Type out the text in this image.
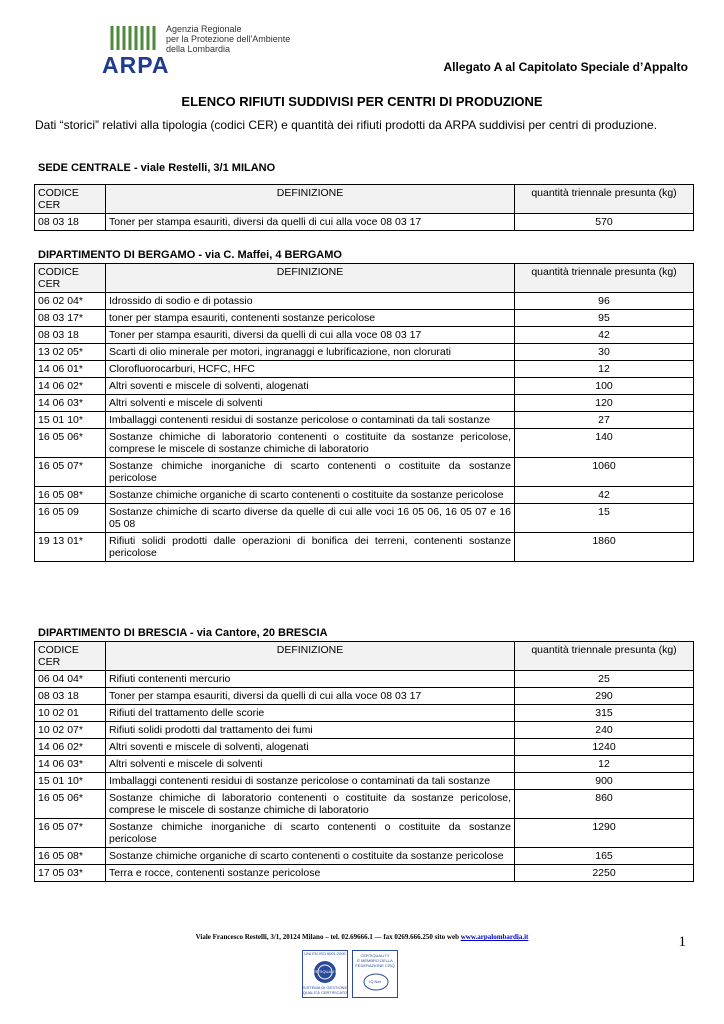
ARPA
Agenzia Regionale
per la Protezione dell'Ambiente
della Lombardia
Allegato A al Capitolato Speciale d’Appalto
ELENCO RIFIUTI SUDDIVISI PER CENTRI DI PRODUZIONE
Dati “storici” relativi alla tipologia (codici CER) e quantità dei rifiuti prodotti da ARPA suddivisi per centri di produzione.
SEDE CENTRALE - viale Restelli, 3/1 MILANO
CODICE CER	DEFINIZIONE	quantità triennale presunta (kg)
08 03 18	Toner per stampa esauriti, diversi da quelli di cui alla voce 08 03 17	570
DIPARTIMENTO DI BERGAMO - via C. Maffei, 4 BERGAMO
CODICE CER	DEFINIZIONE	quantità triennale presunta (kg)
06 02 04*	Idrossido di sodio e di potassio	96
08 03 17*	toner per stampa esauriti, contenenti sostanze pericolose	95
08 03 18	Toner per stampa esauriti, diversi da quelli di cui alla voce 08 03 17	42
13 02 05*	Scarti di olio minerale per motori, ingranaggi e lubrificazione, non clorurati	30
14 06 01*	Clorofluorocarburi, HCFC, HFC	12
14 06 02*	Altri soventi e miscele di solventi, alogenati	100
14 06 03*	Altri solventi e miscele di solventi	120
15 01 10*	Imballaggi contenenti residui di sostanze pericolose o contaminati da tali sostanze	27
16 05 06*	Sostanze chimiche di laboratorio contenenti o costituite da sostanze pericolose, comprese le miscele di sostanze chimiche di laboratorio	140
16 05 07*	Sostanze chimiche inorganiche di scarto contenenti o costituite da sostanze pericolose	1060
16 05 08*	Sostanze chimiche organiche di scarto contenenti o costituite da sostanze pericolose	42
16 05 09	Sostanze chimiche di scarto diverse da quelle di cui alle voci 16 05 06, 16 05 07 e 16 05 08	15
19 13 01*	Rifiuti solidi prodotti dalle operazioni di bonifica dei terreni, contenenti sostanze pericolose	1860
DIPARTIMENTO DI BRESCIA - via Cantore, 20 BRESCIA
CODICE CER	DEFINIZIONE	quantità triennale presunta (kg)
06 04 04*	Rifiuti contenenti mercurio	25
08 03 18	Toner per stampa esauriti, diversi da quelli di cui alla voce 08 03 17	290
10 02 01	Rifiuti del trattamento delle scorie	315
10 02 07*	Rifiuti solidi prodotti dal trattamento dei fumi	240
14 06 02*	Altri soventi e miscele di solventi, alogenati	1240
14 06 03*	Altri solventi e miscele di solventi	12
15 01 10*	Imballaggi contenenti residui di sostanze pericolose o contaminati da tali sostanze	900
16 05 06*	Sostanze chimiche di laboratorio contenenti o costituite da sostanze pericolose, comprese le miscele di sostanze chimiche di laboratorio	860
16 05 07*	Sostanze chimiche inorganiche di scarto contenenti o costituite da sostanze pericolose	1290
16 05 08*	Sostanze chimiche organiche di scarto contenenti o costituite da sostanze pericolose	165
17 05 03*	Terra e rocce, contenenti sostanze pericolose	2250
Viale Francesco Restelli, 3/1, 20124 Milano – tel. 02.69666.1 — fax 0269.666.250 sito web www.arpalombardia.it	1
UNI EN ISO 9001:2000
CERTIQUALITY
SISTEMA DI GESTIONE
QUALITÀ CERTIFICATO
CERTIQUALITY
È MEMBRO DELLA
FEDERAZIONE CISQ
IQ Net
